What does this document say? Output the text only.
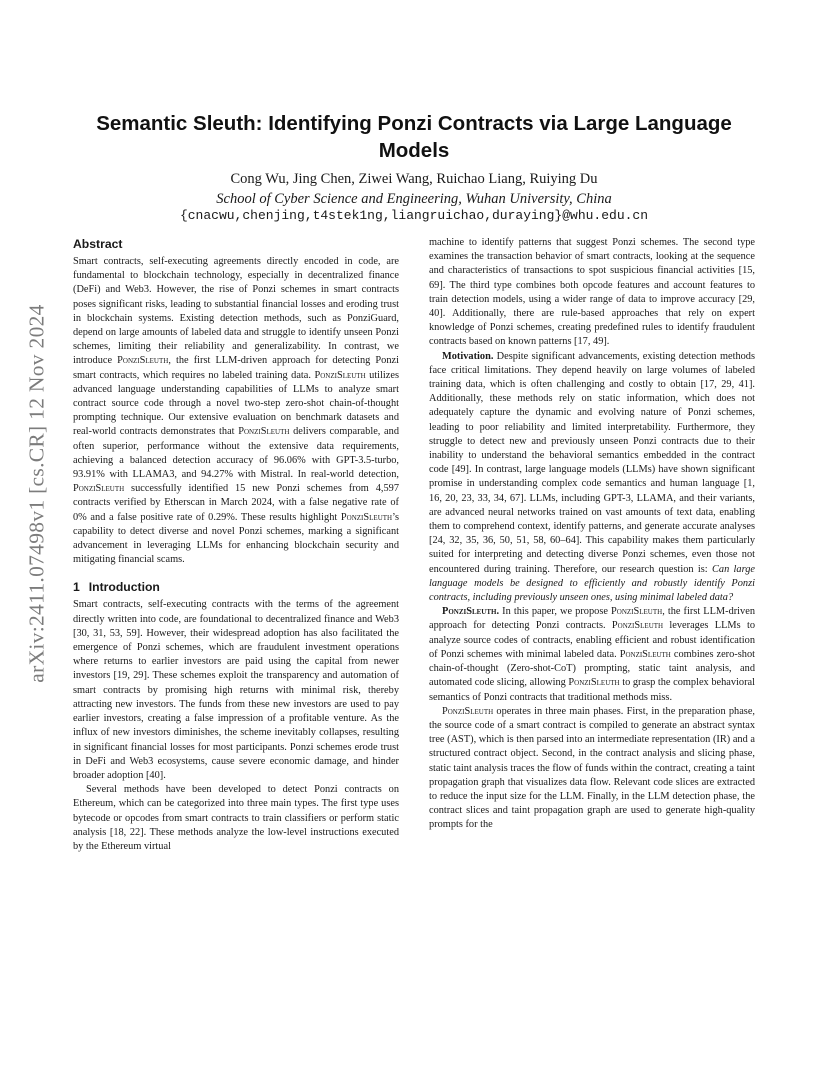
arXiv:2411.07498v1 [cs.CR] 12 Nov 2024
Semantic Sleuth: Identifying Ponzi Contracts via Large Language Models
Cong Wu, Jing Chen, Ziwei Wang, Ruichao Liang, Ruiying Du
School of Cyber Science and Engineering, Wuhan University, China
{cnacwu,chenjing,t4stek1ng,liangruichao,duraying}@whu.edu.cn
Abstract

Smart contracts, self-executing agreements directly encoded in code, are fundamental to blockchain technology, especially in decentralized finance (DeFi) and Web3. However, the rise of Ponzi schemes in smart contracts poses significant risks, leading to substantial financial losses and eroding trust in blockchain systems. Existing detection methods, such as PonziGuard, depend on large amounts of labeled data and struggle to identify unseen Ponzi schemes, limiting their reliability and generalizability. In contrast, we introduce PonziSleuth, the first LLM-driven approach for detecting Ponzi smart contracts, which requires no labeled training data. PonziSleuth utilizes advanced language understanding capabilities of LLMs to analyze smart contract source code through a novel two-step zero-shot chain-of-thought prompting technique. Our extensive evaluation on benchmark datasets and real-world contracts demonstrates that PonziSleuth delivers comparable, and often superior, performance without the extensive data requirements, achieving a balanced detection accuracy of 96.06% with GPT-3.5-turbo, 93.91% with LLAMA3, and 94.27% with Mistral. In real-world detection, PonziSleuth successfully identified 15 new Ponzi schemes from 4,597 contracts verified by Etherscan in March 2024, with a false negative rate of 0% and a false positive rate of 0.29%. These results highlight PonziSleuth’s capability to detect diverse and novel Ponzi schemes, marking a significant advancement in leveraging LLMs for enhancing blockchain security and mitigating financial scams.

1 Introduction

Smart contracts, self-executing contracts with the terms of the agreement directly written into code, are foundational to decentralized finance and Web3 [30, 31, 53, 59]. However, their widespread adoption has also facilitated the emergence of Ponzi schemes, which are fraudulent investment operations where returns to earlier investors are paid using the capital from newer investors [19, 29]. These schemes exploit the transparency and automation of smart contracts by promising high returns with minimal risk, thereby attracting new investors. The funds from these new investors are used to pay earlier investors, creating a false impression of a profitable venture. As the influx of new investors diminishes, the scheme inevitably collapses, resulting in significant financial losses for most participants. Ponzi schemes erode trust in DeFi and Web3 ecosystems, cause severe economic damage, and hinder broader adoption [40].

Several methods have been developed to detect Ponzi contracts on Ethereum, which can be categorized into three main types. The first type uses bytecode or opcodes from smart contracts to train classifiers or perform static analysis [18, 22]. These methods analyze the low-level instructions executed by the Ethereum virtual

machine to identify patterns that suggest Ponzi schemes. The second type examines the transaction behavior of smart contracts, looking at the sequence and characteristics of transactions to spot suspicious financial activities [15, 69]. The third type combines both opcode features and account features to train detection models, using a wider range of data to improve accuracy [29, 40]. Additionally, there are rule-based approaches that rely on expert knowledge of Ponzi schemes, creating predefined rules to identify fraudulent contracts based on known patterns [17, 49].

Motivation. Despite significant advancements, existing detection methods face critical limitations. They depend heavily on large volumes of labeled training data, which is often challenging and costly to obtain [17, 29, 41]. Additionally, these methods rely on static information, which does not adequately capture the dynamic and evolving nature of Ponzi schemes, leading to poor reliability and limited interpretability. Furthermore, they struggle to detect new and previously unseen Ponzi contracts due to their inability to understand the behavioral semantics embedded in the contract code [49]. In contrast, large language models (LLMs) have shown significant promise in understanding complex code semantics and human language [1, 16, 20, 23, 33, 34, 67]. LLMs, including GPT-3, LLAMA, and their variants, are advanced neural networks trained on vast amounts of text data, enabling them to comprehend context, identify patterns, and generate accurate analyses [24, 32, 35, 36, 50, 51, 58, 60–64]. This capability makes them particularly suited for interpreting and detecting diverse Ponzi schemes, even those not encountered during training. Therefore, our research question is: Can large language models be designed to efficiently and robustly identify Ponzi contracts, including previously unseen ones, using minimal labeled data?

PonziSleuth. In this paper, we propose PonziSleuth, the first LLM-driven approach for detecting Ponzi contracts. PonziSleuth leverages LLMs to analyze source codes of contracts, enabling efficient and robust identification of Ponzi schemes with minimal labeled data. PonziSleuth combines zero-shot chain-of-thought (Zero-shot-CoT) prompting, static taint analysis, and automated code slicing, allowing PonziSleuth to grasp the complex behavioral semantics of Ponzi contracts that traditional methods miss.

PonziSleuth operates in three main phases. First, in the preparation phase, the source code of a smart contract is compiled to generate an abstract syntax tree (AST), which is then parsed into an intermediate representation (IR) and a structured contract object. Second, in the contract analysis and slicing phase, static taint analysis traces the flow of funds within the contract, creating a taint propagation graph that visualizes data flow. Relevant code slices are extracted to reduce the input size for the LLM. Finally, in the LLM detection phase, the contract slices and taint propagation graph are used to generate high-quality prompts for the
